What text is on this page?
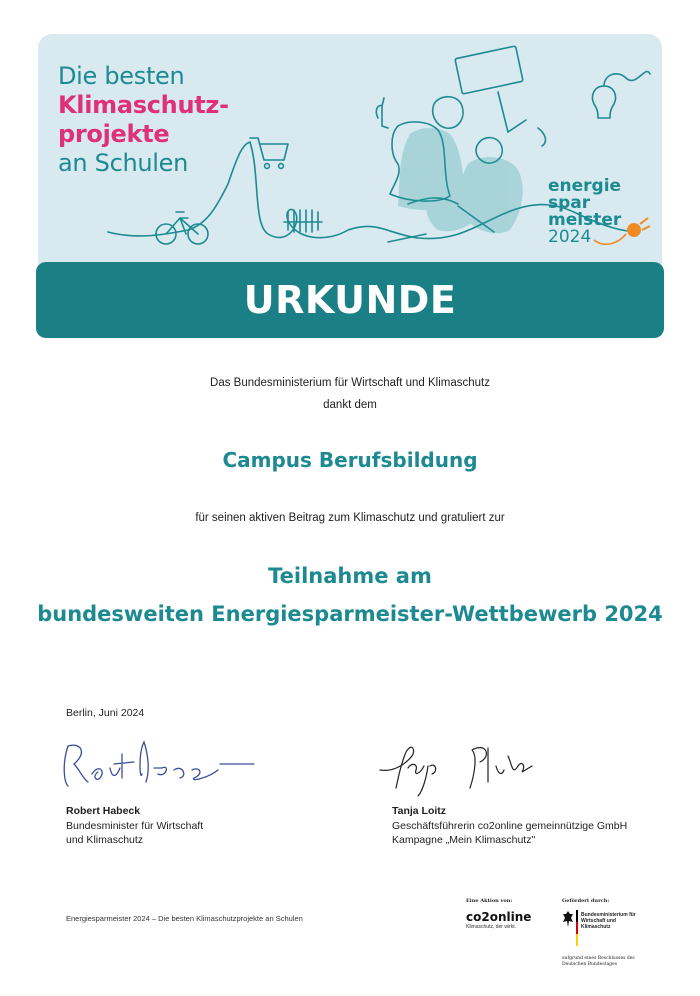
Die besten
Klimaschutz-
projekte
an Schulen
energie
spar
meister
2024
URKUNDE
Das Bundesministerium für Wirtschaft und Klimaschutz
dankt dem
Campus Berufsbildung
für seinen aktiven Beitrag zum Klimaschutz und gratuliert zur
Teilnahme am
bundesweiten Energiesparmeister-Wettbewerb 2024
Berlin, Juni 2024
Robert Habeck
Bundesminister für Wirtschaft
und Klimaschutz
Tanja Loitz
Geschäftsführerin co2online gemeinnützige GmbH
Kampagne „Mein Klimaschutz"
Energiesparmeister 2024 – Die besten Klimaschutzprojekte an Schulen
Eine Aktion von:
co2online
Klimaschutz, der wirkt.
Gefördert durch:
Bundesministerium für Wirtschaft und Klimaschutz
aufgrund eines Beschlusses des Deutschen Bundestages
